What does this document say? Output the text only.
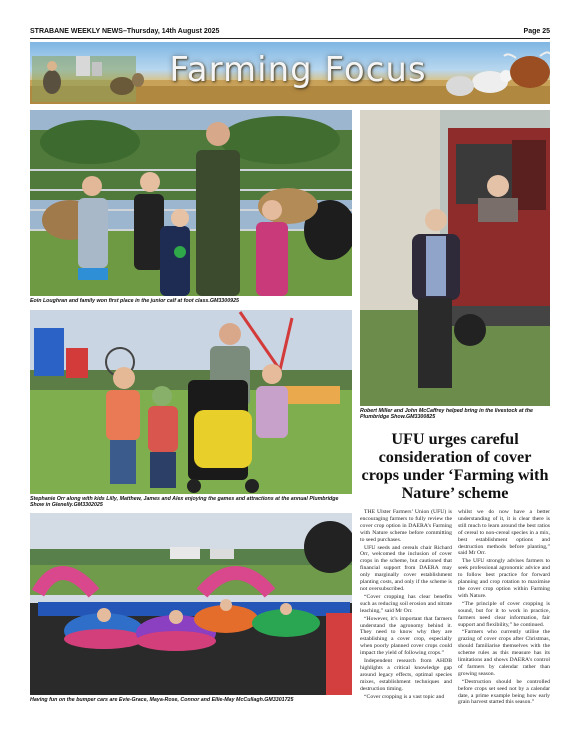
STRABANE WEEKLY NEWS–Thursday, 14th August 2025	Page 25
Farming Focus
Eoin Loughran and family won first place in the junior calf at foot class.GM3300925
Stephanie Orr along with kids Lilly, Matthew, James and Alex enjoying the games and attractions at the annual Plumbridge Show in Glenelly.GM3302025
Having fun on the bumper cars are Evie-Grace, Maya-Rose, Connor and Ellie-May McCullagh.GM3301725
Robert Miller and John McCaffrey helped bring in the livestock at the Plumbridge Show.GM3300825
UFU urges careful consideration of cover crops under ‘Farming with Nature’ scheme

THE Ulster Farmers’ Union (UFU) is encouraging farmers to fully review the cover crop option in DAERA’s Farming with Nature scheme before committing to seed purchases.

UFU seeds and cereals chair Richard Orr, welcomed the inclusion of cover crops in the scheme, but cautioned that financial support from DAERA may only marginally cover establishment planting costs, and only if the scheme is not oversubscribed.

“Cover cropping has clear benefits such as reducing soil erosion and nitrate leaching,” said Mr Orr.

“However, it’s important that farmers understand the agronomy behind it. They need to know why they are establishing a cover crop, especially when poorly planned cover crops could impact the yield of following crops.”

Independent research from AHDB highlights a critical knowledge gap around legacy effects, optimal species mixes, establishment techniques and destruction timing.

“Cover cropping is a vast topic and

whilst we do now have a better understanding of it, it is clear there is still much to learn around the best ratios of cereal to non-cereal species in a mix, best establishment options and destruction methods before planting,” said Mr Orr.

The UFU strongly advises farmers to seek professional agronomic advice and to follow best practice for forward planning and crop rotation to maximise the cover crop option within Farming with Nature.

“The principle of cover cropping is sound, but for it to work in practice, farmers need clear information, fair support and flexibility,” he continued.

“Farmers who currently utilise the grazing of cover crops after Christmas, should familiarise themselves with the scheme rules as this measure has its limitations and shows DAERA’s control of farmers by calendar rather than growing season.

“Destruction should be controlled before crops set seed not by a calendar date, a prime example being how early grain harvest started this season.”
